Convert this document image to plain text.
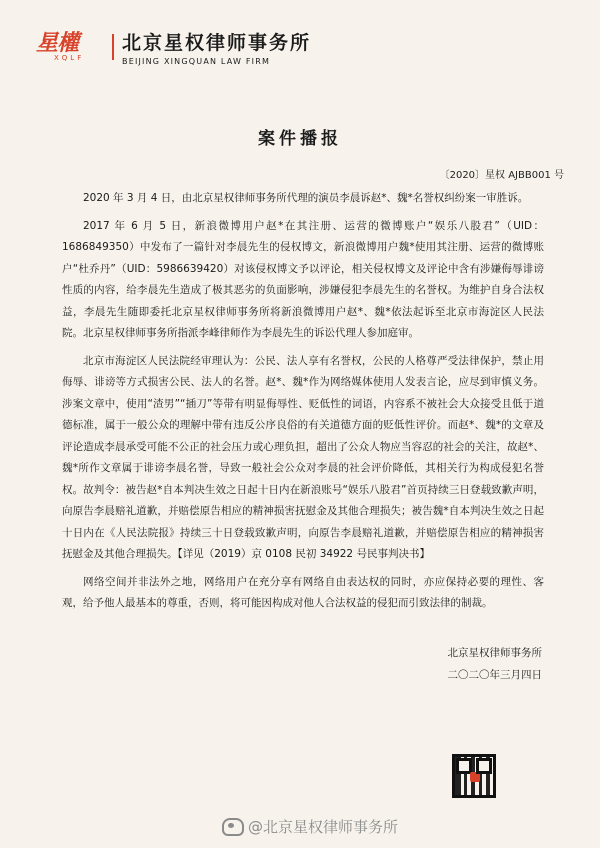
星權
XQLF
北京星权律师事务所
BEIJING XINGQUAN LAW FIRM
案件播报
〔2020〕星权 AJBB001 号

2020 年 3 月 4 日，由北京星权律师事务所代理的演员李晨诉赵*、魏*名誉权纠纷案一审胜诉。

2017 年 6 月 5 日，新浪微博用户赵*在其注册、运营的微博账户“娱乐八股君”（UID：1686849350）中发布了一篇针对李晨先生的侵权博文，新浪微博用户魏*使用其注册、运营的微博账户“杜乔丹”（UID：5986639420）对该侵权博文予以评论，相关侵权博文及评论中含有涉嫌侮辱诽谤性质的内容，给李晨先生造成了极其恶劣的负面影响，涉嫌侵犯李晨先生的名誉权。为维护自身合法权益，李晨先生随即委托北京星权律师事务所将新浪微博用户赵*、魏*依法起诉至北京市海淀区人民法院。北京星权律师事务所指派李峰律师作为李晨先生的诉讼代理人参加庭审。

北京市海淀区人民法院经审理认为：公民、法人享有名誉权，公民的人格尊严受法律保护，禁止用侮辱、诽谤等方式损害公民、法人的名誉。赵*、魏*作为网络媒体使用人发表言论，应尽到审慎义务。涉案文章中，使用“渣男”“插刀”等带有明显侮辱性、贬低性的词语，内容系不被社会大众接受且低于道德标准，属于一般公众的理解中带有违反公序良俗的有关道德方面的贬低性评价。而赵*、魏*的文章及评论造成李晨承受可能不公正的社会压力或心理负担，超出了公众人物应当容忍的社会的关注，故赵*、魏*所作文章属于诽谤李晨名誉，导致一般社会公众对李晨的社会评价降低，其相关行为构成侵犯名誉权。故判令：被告赵*自本判决生效之日起十日内在新浪账号“娱乐八股君”首页持续三日登载致歉声明，向原告李晨赔礼道歉，并赔偿原告相应的精神损害抚慰金及其他合理损失；被告魏*自本判决生效之日起十日内在《人民法院报》持续三十日登载致歉声明，向原告李晨赔礼道歉，并赔偿原告相应的精神损害抚慰金及其他合理损失。【详见（2019）京 0108 民初 34922 号民事判决书】

网络空间并非法外之地，网络用户在充分享有网络自由表达权的同时，亦应保持必要的理性、客观，给予他人最基本的尊重，否则，将可能因构成对他人合法权益的侵犯而引致法律的制裁。

北京星权律师事务所
二〇二〇年三月四日
@北京星权律师事务所
